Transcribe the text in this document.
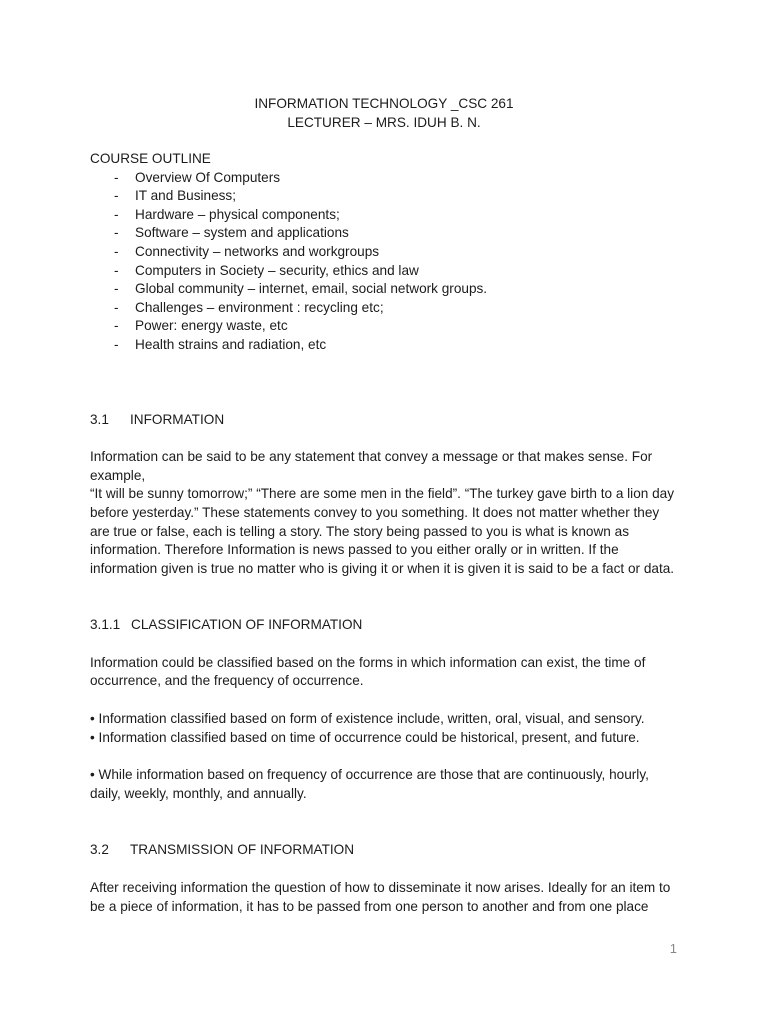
INFORMATION TECHNOLOGY _CSC 261
LECTURER – MRS. IDUH B. N.
COURSE OUTLINE
- Overview Of Computers
- IT and Business;
- Hardware – physical components;
- Software – system and applications
- Connectivity – networks and workgroups
- Computers in Society – security, ethics and law
- Global community – internet, email, social network groups.
- Challenges – environment : recycling etc;
- Power: energy waste, etc
- Health strains and radiation, etc
3.1	INFORMATION

Information can be said to be any statement that convey a message or that makes sense. For example,

“It will be sunny tomorrow;” “There are some men in the field”. “The turkey gave birth to a lion day before yesterday.” These statements convey to you something. It does not matter whether they are true or false, each is telling a story. The story being passed to you is what is known as information. Therefore Information is news passed to you either orally or in written. If the information given is true no matter who is giving it or when it is given it is said to be a fact or data.

3.1.1 CLASSIFICATION OF INFORMATION

Information could be classified based on the forms in which information can exist, the time of occurrence, and the frequency of occurrence.

• Information classified based on form of existence include, written, oral, visual, and sensory.

• Information classified based on time of occurrence could be historical, present, and future.

• While information based on frequency of occurrence are those that are continuously, hourly, daily, weekly, monthly, and annually.

3.2	TRANSMISSION OF INFORMATION

After receiving information the question of how to disseminate it now arises. Ideally for an item to be a piece of information, it has to be passed from one person to another and from one place

1
